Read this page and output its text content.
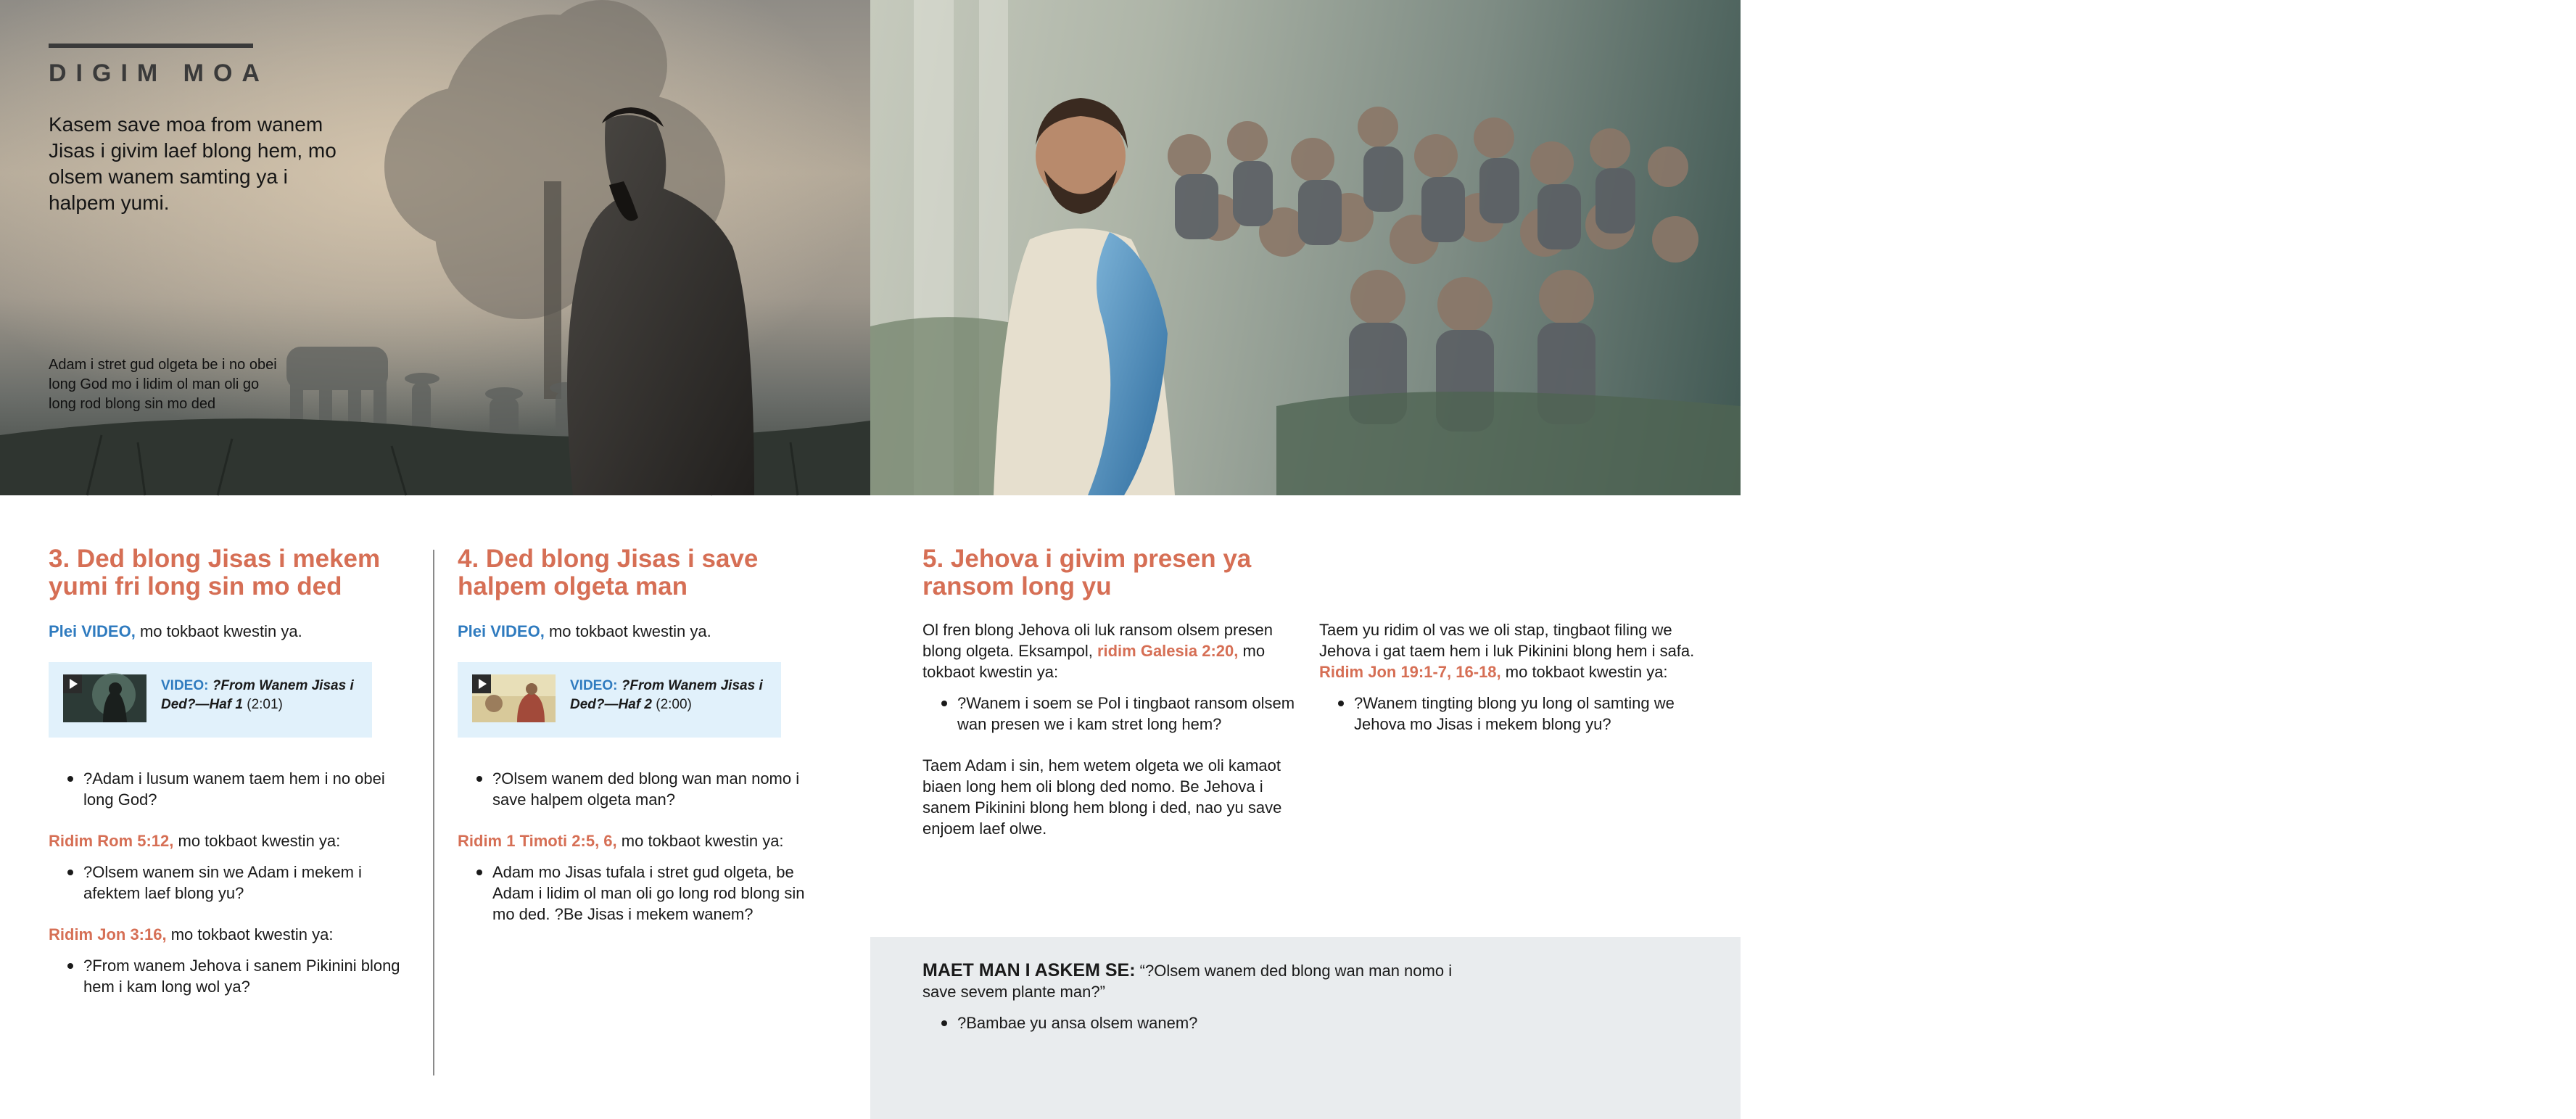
DIGIM MOA
Kasem save moa from wanem Jisas i givim laef blong hem, mo olsem wanem samting ya i halpem yumi.
Adam i stret gud olgeta be i no obei long God mo i lidim ol man oli go long rod blong sin mo ded
Jisas i stret gud olgeta mo i obei long God nao i lidim ol man i go long rod blong kam stret gud olgeta mo kasem laef olwe
3. Ded blong Jisas i mekem yumi fri long sin mo ded
Plei VIDEO, mo tokbaot kwestin ya.
VIDEO: ?From Wanem Jisas i Ded?—Haf 1 (2:01)
?Adam i lusum wanem taem hem i no obei long God?
Ridim Rom 5:12, mo tokbaot kwestin ya:
?Olsem wanem sin we Adam i mekem i afektem laef blong yu?
Ridim Jon 3:16, mo tokbaot kwestin ya:
?From wanem Jehova i sanem Pikinini blong hem i kam long wol ya?
4. Ded blong Jisas i save halpem olgeta man
Plei VIDEO, mo tokbaot kwestin ya.
VIDEO: ?From Wanem Jisas i Ded?—Haf 2 (2:00)
?Olsem wanem ded blong wan man nomo i save halpem olgeta man?
Ridim 1 Timoti 2:5, 6, mo tokbaot kwestin ya:
Adam mo Jisas tufala i stret gud olgeta, be Adam i lidim ol man oli go long rod blong sin mo ded. ?Be Jisas i mekem wanem?
5. Jehova i givim presen ya ransom long yu
Ol fren blong Jehova oli luk ransom olsem presen blong olgeta. Eksampol, ridim Galesia 2:20, mo tokbaot kwestin ya:
?Wanem i soem se Pol i tingbaot ransom olsem wan presen we i kam stret long hem?
Taem Adam i sin, hem wetem olgeta we oli kamaot biaen long hem oli blong ded nomo. Be Jehova i sanem Pikinini blong hem blong i ded, nao yu save enjoem laef olwe.
Taem yu ridim ol vas we oli stap, tingbaot filing we Jehova i gat taem hem i luk Pikinini blong hem i safa. Ridim Jon 19:1-7, 16-18, mo tokbaot kwestin ya:
?Wanem tingting blong yu long ol samting we Jehova mo Jisas i mekem blong yu?
MAET MAN I ASKEM SE: “?Olsem wanem ded blong wan man nomo i save sevem plante man?”
?Bambae yu ansa olsem wanem?
